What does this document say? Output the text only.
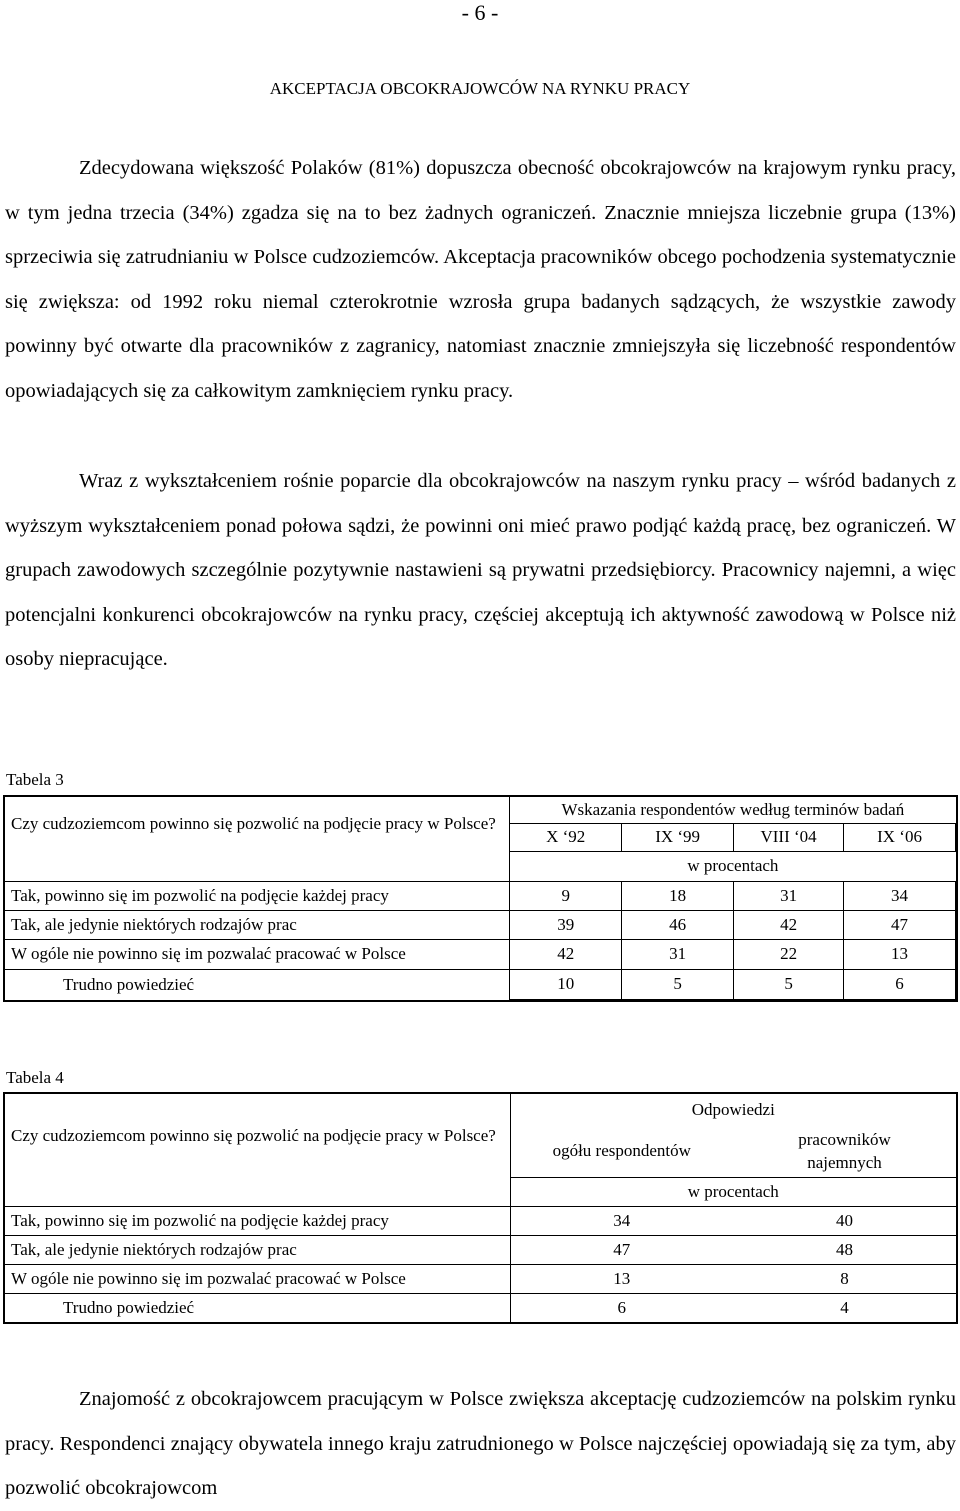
- 6 -
AKCEPTACJA OBCOKRAJOWCÓW NA RYNKU PRACY

Zdecydowana większość Polaków (81%) dopuszcza obecność obcokrajowców na krajowym rynku pracy, w tym jedna trzecia (34%) zgadza się na to bez żadnych ograniczeń. Znacznie mniejsza liczebnie grupa (13%) sprzeciwia się zatrudnianiu w Polsce cudzoziemców. Akceptacja pracowników obcego pochodzenia systematycznie się zwiększa: od 1992 roku niemal czterokrotnie wzrosła grupa badanych sądzących, że wszystkie zawody powinny być otwarte dla pracowników z zagranicy, natomiast znacznie zmniejszyła się liczebność respondentów opowiadających się za całkowitym zamknięciem rynku pracy.

Wraz z wykształceniem rośnie poparcie dla obcokrajowców na naszym rynku pracy – wśród badanych z wyższym wykształceniem ponad połowa sądzi, że powinni oni mieć prawo podjąć każdą pracę, bez ograniczeń. W grupach zawodowych szczególnie pozytywnie nastawieni są prywatni przedsiębiorcy. Pracownicy najemni, a więc potencjalni konkurenci obcokrajowców na rynku pracy, częściej akceptują ich aktywność zawodową w Polsce niż osoby niepracujące.

Tabela 3
Czy cudzoziemcom powinno się pozwolić na podjęcie pracy w Polsce?	Wskazania respondentów według terminów badań			
	X ‘92	IX ‘99	VIII ‘04	IX ‘06
	w procentach			
Tak, powinno się im pozwolić na podjęcie każdej pracy	9	18	31	34
Tak, ale jedynie niektórych rodzajów prac	39	46	42	47
W ogóle nie powinno się im pozwalać pracować w Polsce	42	31	22	13
Trudno powiedzieć	10	5	5	6
Tabela 4
Czy cudzoziemcom powinno się pozwolić na podjęcie pracy w Polsce?	Odpowiedzi	
	ogółu respondentów	pracowników najemnych
	w procentach	
Tak, powinno się im pozwolić na podjęcie każdej pracy	34	40
Tak, ale jedynie niektórych rodzajów prac	47	48
W ogóle nie powinno się im pozwalać pracować w Polsce	13	8
Trudno powiedzieć	6	4

Znajomość z obcokrajowcem pracującym w Polsce zwiększa akceptację cudzoziemców na polskim rynku pracy. Respondenci znający obywatela innego kraju zatrudnionego w Polsce najczęściej opowiadają się za tym, aby pozwolić obcokrajowcom
